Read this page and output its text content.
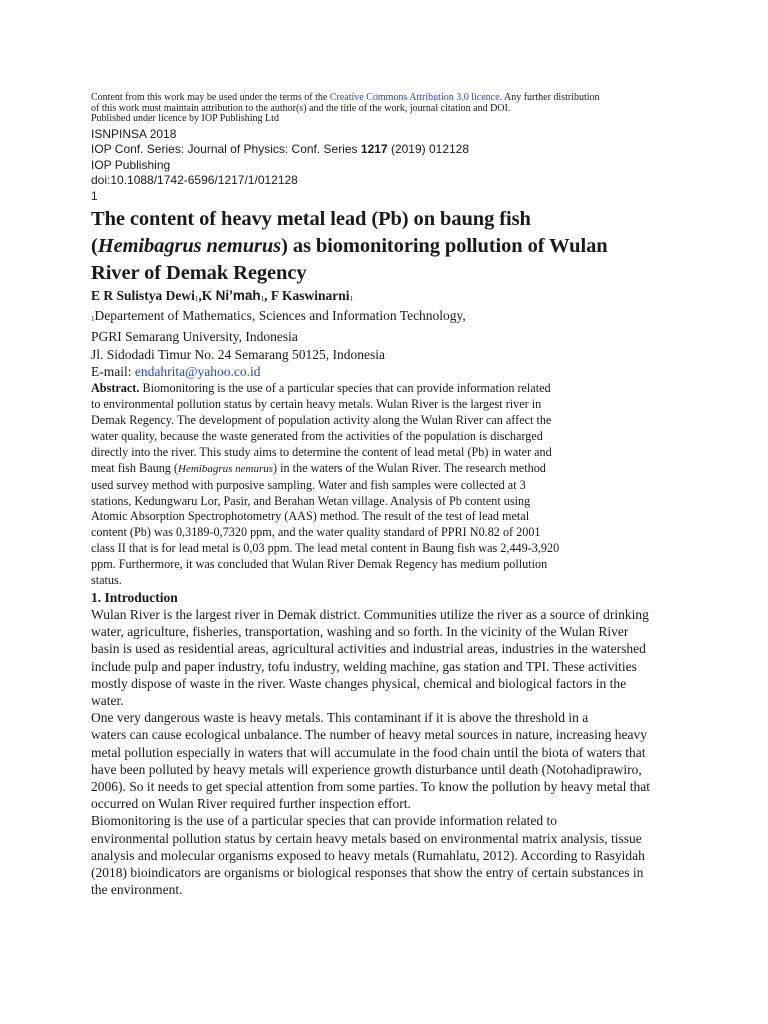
Content from this work may be used under the terms of the Creative Commons Attribution 3.0 licence. Any further distribution

of this work must maintain attribution to the author(s) and the title of the work, journal citation and DOI.

Published under licence by IOP Publishing Ltd

ISNPINSA 2018

IOP Conf. Series: Journal of Physics: Conf. Series 1217 (2019) 012128

IOP Publishing

doi:10.1088/1742-6596/1217/1/012128

1

The content of heavy metal lead (Pb) on baung fish
(Hemibagrus nemurus) as biomonitoring pollution of Wulan
River of Demak Regency

E R Sulistya Dewi$_1$,K Ni’mah$_1$, F Kaswinarni$_1$

$_1$Departement of Mathematics, Sciences and Information Technology,

PGRI Semarang University, Indonesia

Jl. Sidodadi Timur No. 24 Semarang 50125, Indonesia

E-mail: endahrita@yahoo.co.id

Abstract. Biomonitoring is the use of a particular species that can provide information related

to environmental pollution status by certain heavy metals. Wulan River is the largest river in

Demak Regency. The development of population activity along the Wulan River can affect the

water quality, because the waste generated from the activities of the population is discharged

directly into the river. This study aims to determine the content of lead metal (Pb) in water and

meat fish Baung (Hemibagrus nemurus) in the waters of the Wulan River. The research method

used survey method with purposive sampling. Water and fish samples were collected at 3

stations, Kedungwaru Lor, Pasir, and Berahan Wetan village. Analysis of Pb content using

Atomic Absorption Spectrophotometry (AAS) method. The result of the test of lead metal

content (Pb) was 0,3189-0,7320 ppm, and the water quality standard of PPRI N0.82 of 2001

class II that is for lead metal is 0,03 ppm. The lead metal content in Baung fish was 2,449-3,920

ppm. Furthermore, it was concluded that Wulan River Demak Regency has medium pollution

status.

1. Introduction

Wulan River is the largest river in Demak district. Communities utilize the river as a source of drinking

water, agriculture, fisheries, transportation, washing and so forth. In the vicinity of the Wulan River

basin is used as residential areas, agricultural activities and industrial areas, industries in the watershed

include pulp and paper industry, tofu industry, welding machine, gas station and TPI. These activities

mostly dispose of waste in the river. Waste changes physical, chemical and biological factors in the

water.

One very dangerous waste is heavy metals. This contaminant if it is above the threshold in a

waters can cause ecological unbalance. The number of heavy metal sources in nature, increasing heavy

metal pollution especially in waters that will accumulate in the food chain until the biota of waters that

have been polluted by heavy metals will experience growth disturbance until death (Notohadiprawiro,

2006). So it needs to get special attention from some parties. To know the pollution by heavy metal that

occurred on Wulan River required further inspection effort.

Biomonitoring is the use of a particular species that can provide information related to

environmental pollution status by certain heavy metals based on environmental matrix analysis, tissue

analysis and molecular organisms exposed to heavy metals (Rumahlatu, 2012). According to Rasyidah

(2018) bioindicators are organisms or biological responses that show the entry of certain substances in

the environment.
